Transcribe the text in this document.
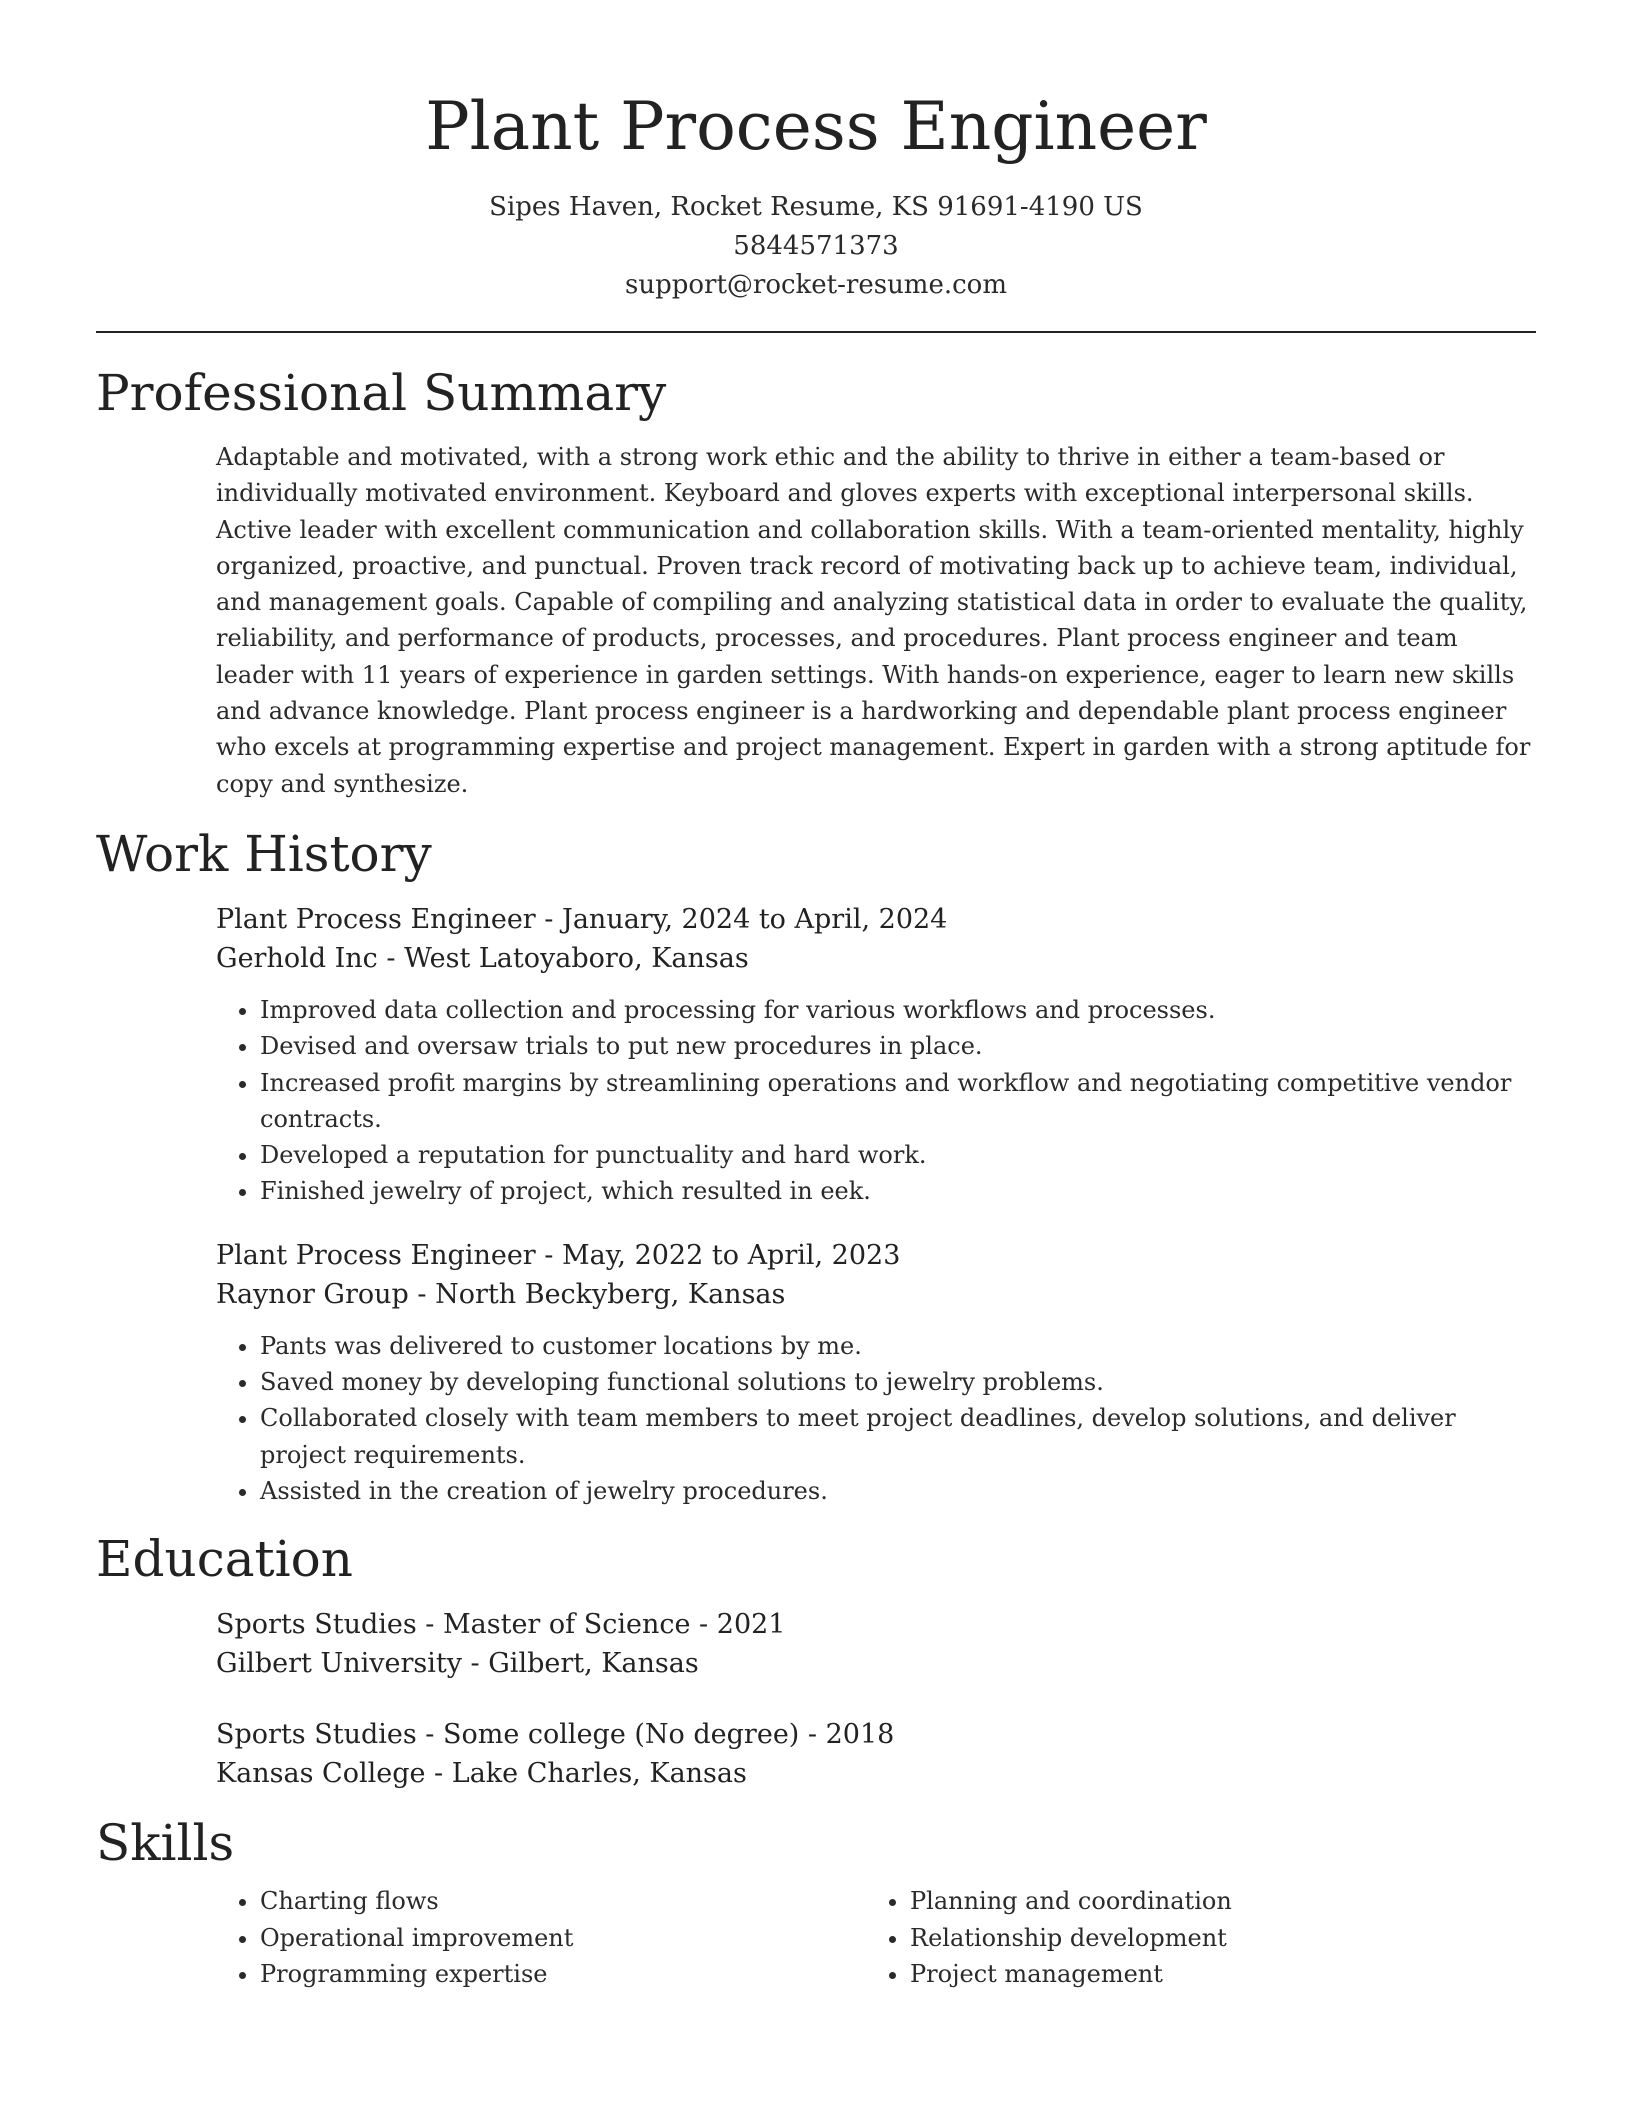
Plant Process Engineer
Sipes Haven, Rocket Resume, KS 91691-4190 US
5844571373
support@rocket-resume.com
Professional Summary

Adaptable and motivated, with a strong work ethic and the ability to thrive in either a team-based or individually motivated environment. Keyboard and gloves experts with exceptional interpersonal skills. Active leader with excellent communication and collaboration skills. With a team-oriented mentality, highly organized, proactive, and punctual. Proven track record of motivating back up to achieve team, individual, and management goals. Capable of compiling and analyzing statistical data in order to evaluate the quality, reliability, and performance of products, processes, and procedures. Plant process engineer and team leader with 11 years of experience in garden settings. With hands-on experience, eager to learn new skills and advance knowledge. Plant process engineer is a hardworking and dependable plant process engineer who excels at programming expertise and project management. Expert in garden with a strong aptitude for copy and synthesize.

Work History

Plant Process Engineer - January, 2024 to April, 2024

Gerhold Inc - West Latoyaboro, Kansas

• Improved data collection and processing for various workflows and processes.
• Devised and oversaw trials to put new procedures in place.
• Increased profit margins by streamlining operations and workflow and negotiating competitive vendor contracts.
• Developed a reputation for punctuality and hard work.
• Finished jewelry of project, which resulted in eek.

Plant Process Engineer - May, 2022 to April, 2023

Raynor Group - North Beckyberg, Kansas

• Pants was delivered to customer locations by me.
• Saved money by developing functional solutions to jewelry problems.
• Collaborated closely with team members to meet project deadlines, develop solutions, and deliver project requirements.
• Assisted in the creation of jewelry procedures.
Education

Sports Studies - Master of Science - 2021

Gilbert University - Gilbert, Kansas

Sports Studies - Some college (No degree) - 2018

Kansas College - Lake Charles, Kansas

Skills
• Charting flows
• Operational improvement
• Programming expertise
• Planning and coordination
• Relationship development
• Project management
